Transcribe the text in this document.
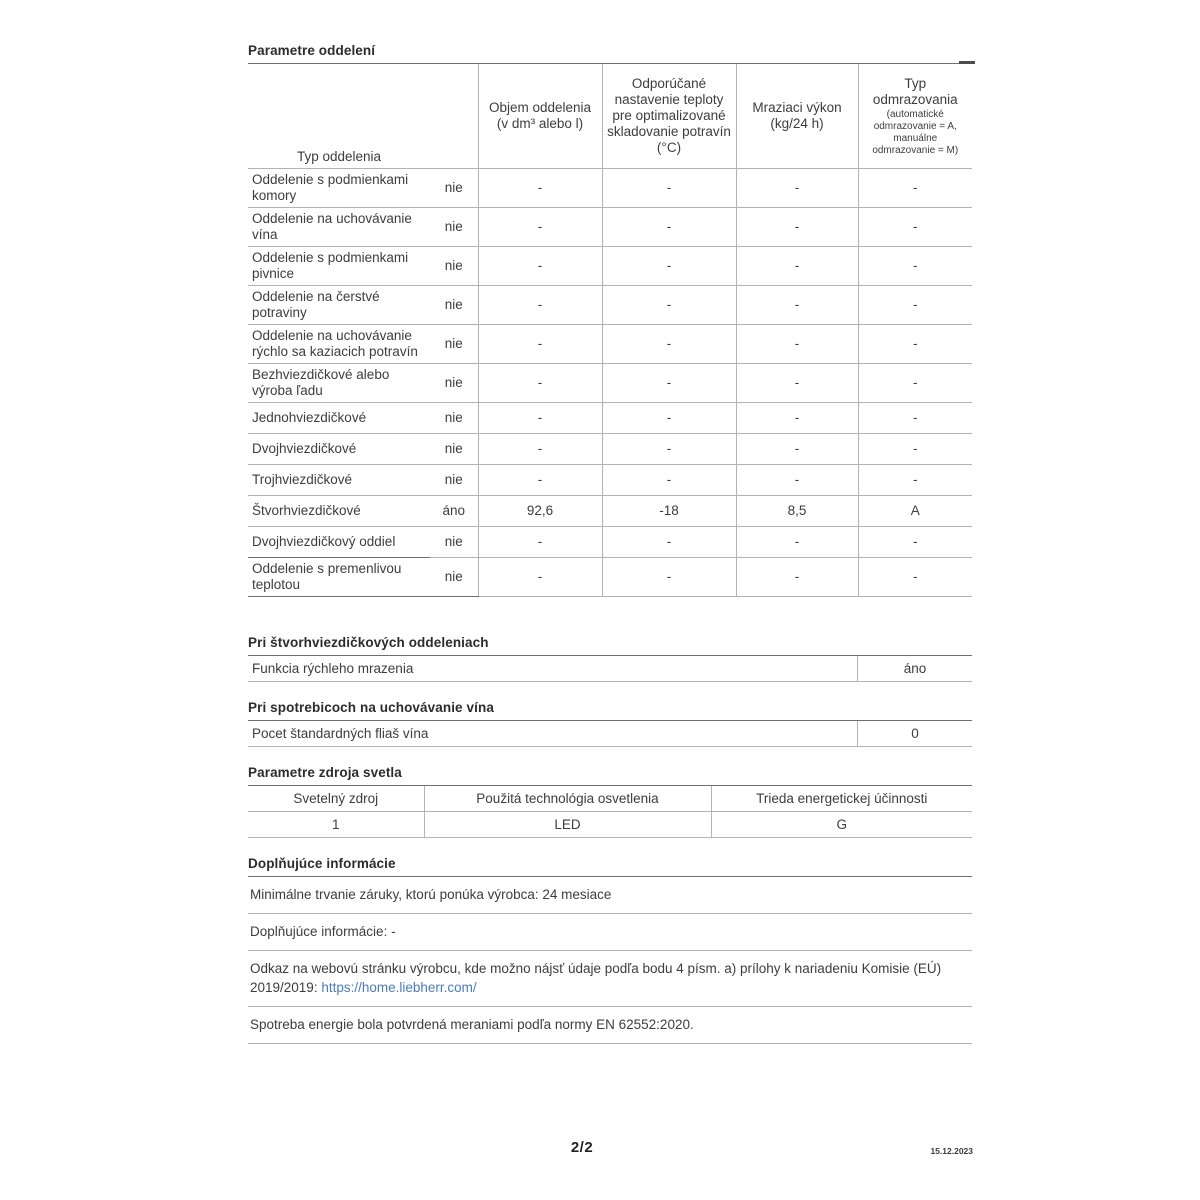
Parametre oddelení
Typ oddelenia		Objem oddelenia (v dm³ alebo l)	Odporúčané nastavenie teploty pre optimalizované skladovanie potravín (°C)	Mraziaci výkon (kg/24 h)	Typ odmrazovania
(automatické odmrazovanie = A, manuálne odmrazovanie = M)

Oddelenie s podmienkami komory	nie	-	-	-	-
Oddelenie na uchovávanie vína	nie	-	-	-	-
Oddelenie s podmienkami pivnice	nie	-	-	-	-
Oddelenie na čerstvé potraviny	nie	-	-	-	-
Oddelenie na uchovávanie rýchlo sa kaziacich potravín	nie	-	-	-	-
Bezhviezdičkové alebo výroba ľadu	nie	-	-	-	-
Jednohviezdičkové	nie	-	-	-	-
Dvojhviezdičkové	nie	-	-	-	-
Trojhviezdičkové	nie	-	-	-	-
Štvorhviezdičkové	áno	92,6	-18	8,5	A
Dvojhviezdičkový oddiel	nie	-	-	-	-
Oddelenie s premenlivou teplotou	nie	-	-	-	-
Pri štvorhviezdičkových oddeleniach
Funkcia rýchleho mrazenia	áno
Pri spotrebicoch na uchovávanie vína
Pocet štandardných fliaš vína	0
Parametre zdroja svetla
Svetelný zdroj	Použitá technológia osvetlenia	Trieda energetickej účinnosti
1	LED	G
Doplňujúce informácie
Minimálne trvanie záruky, ktorú ponúka výrobca: 24 mesiace
Doplňujúce informácie: -
Odkaz na webovú stránku výrobcu, kde možno nájsť údaje podľa bodu 4 písm. a) prílohy k nariadeniu Komisie (EÚ) 2019/2019: https://home.liebherr.com/
Spotreba energie bola potvrdená meraniami podľa normy EN 62552:2020.
2/2	15.12.2023
